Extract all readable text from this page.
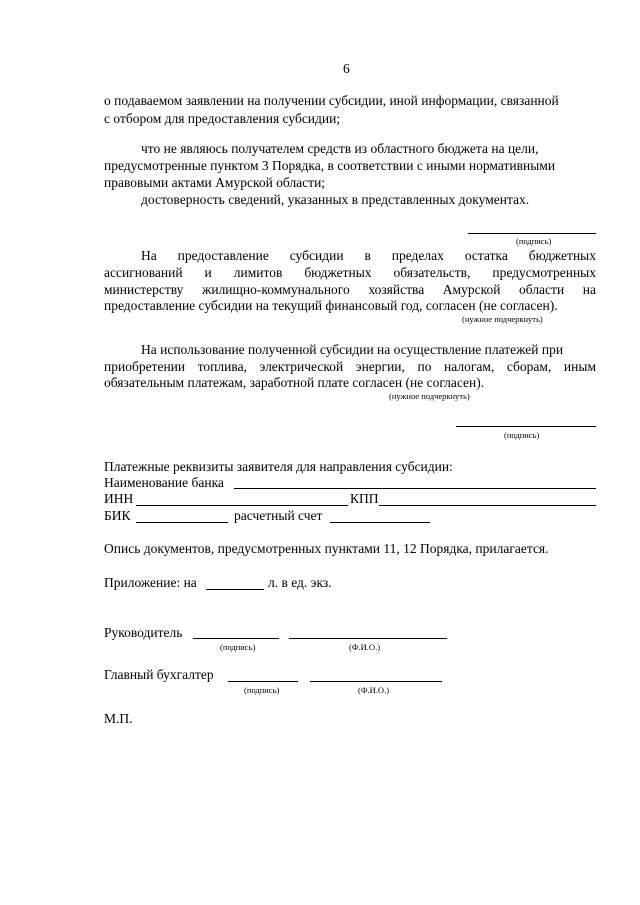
6
о подаваемом заявлении на получении субсидии, иной информации, связанной
с отбором для предоставления субсидии;
что не являюсь получателем средств из областного бюджета на цели,
предусмотренные пунктом 3 Порядка, в соответствии с иными нормативными
правовыми актами Амурской области;
достоверность сведений, указанных в представленных документах.
(подпись)
На предоставление субсидии в пределах остатка бюджетных
ассигнований и лимитов бюджетных обязательств, предусмотренных
министерству жилищно-коммунального хозяйства Амурской области на
предоставление субсидии на текущий финансовый год, согласен (не согласен).
(нужное подчеркнуть)
На использование полученной субсидии на осуществление платежей при
приобретении топлива, электрической энергии, по налогам, сборам, иным
обязательным платежам, заработной плате согласен (не согласен).
(нужное подчеркнуть)
(подпись)
Платежные реквизиты заявителя для направления субсидии:
Наименование банка
ИНН	КПП
БИК	расчетный счет
Опись документов, предусмотренных пунктами 11, 12 Порядка, прилагается.
Приложение: на	л. в ед. экз.
Руководитель
(подпись)	(Ф.И.О.)
Главный бухгалтер
(подпись)	(Ф.И.О.)
М.П.
